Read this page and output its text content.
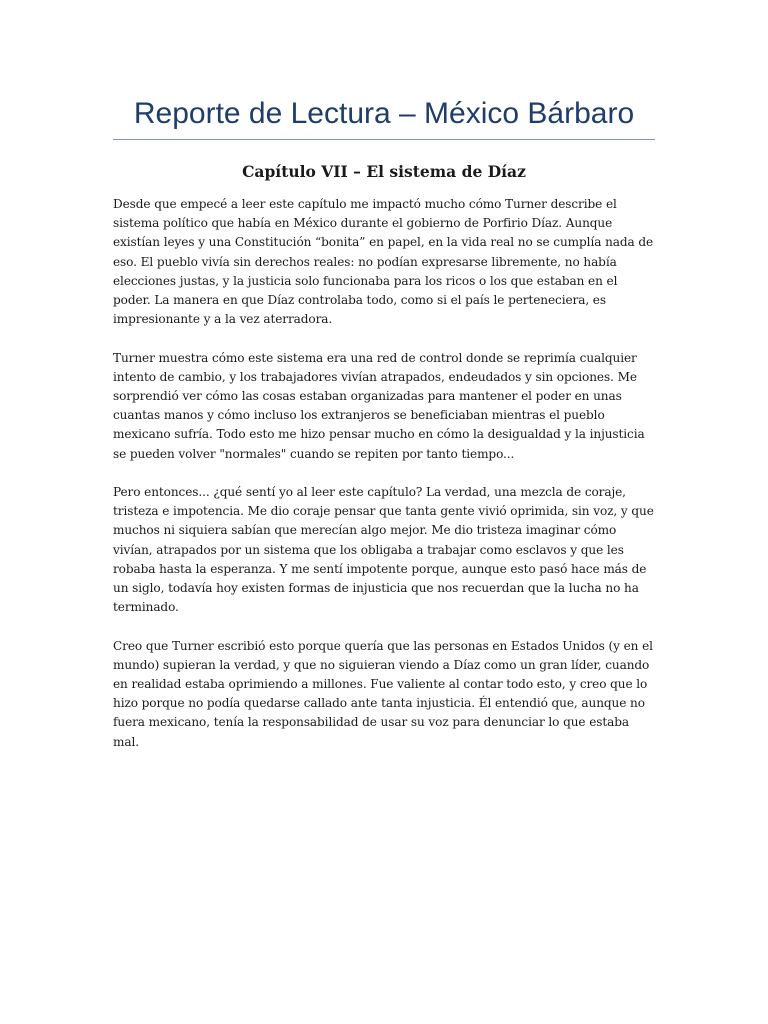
Reporte de Lectura – México Bárbaro
Capítulo VII – El sistema de Díaz

Desde que empecé a leer este capítulo me impactó mucho cómo Turner describe el sistema político que había en México durante el gobierno de Porfirio Díaz. Aunque existían leyes y una Constitución “bonita” en papel, en la vida real no se cumplía nada de eso. El pueblo vivía sin derechos reales: no podían expresarse libremente, no había elecciones justas, y la justicia solo funcionaba para los ricos o los que estaban en el poder. La manera en que Díaz controlaba todo, como si el país le perteneciera, es impresionante y a la vez aterradora.

Turner muestra cómo este sistema era una red de control donde se reprimía cualquier intento de cambio, y los trabajadores vivían atrapados, endeudados y sin opciones. Me sorprendió ver cómo las cosas estaban organizadas para mantener el poder en unas cuantas manos y cómo incluso los extranjeros se beneficiaban mientras el pueblo mexicano sufría. Todo esto me hizo pensar mucho en cómo la desigualdad y la injusticia se pueden volver "normales" cuando se repiten por tanto tiempo...

Pero entonces... ¿qué sentí yo al leer este capítulo? La verdad, una mezcla de coraje, tristeza e impotencia. Me dio coraje pensar que tanta gente vivió oprimida, sin voz, y que muchos ni siquiera sabían que merecían algo mejor. Me dio tristeza imaginar cómo vivían, atrapados por un sistema que los obligaba a trabajar como esclavos y que les robaba hasta la esperanza. Y me sentí impotente porque, aunque esto pasó hace más de un siglo, todavía hoy existen formas de injusticia que nos recuerdan que la lucha no ha terminado.

Creo que Turner escribió esto porque quería que las personas en Estados Unidos (y en el mundo) supieran la verdad, y que no siguieran viendo a Díaz como un gran líder, cuando en realidad estaba oprimiendo a millones. Fue valiente al contar todo esto, y creo que lo hizo porque no podía quedarse callado ante tanta injusticia. Él entendió que, aunque no fuera mexicano, tenía la responsabilidad de usar su voz para denunciar lo que estaba mal.
